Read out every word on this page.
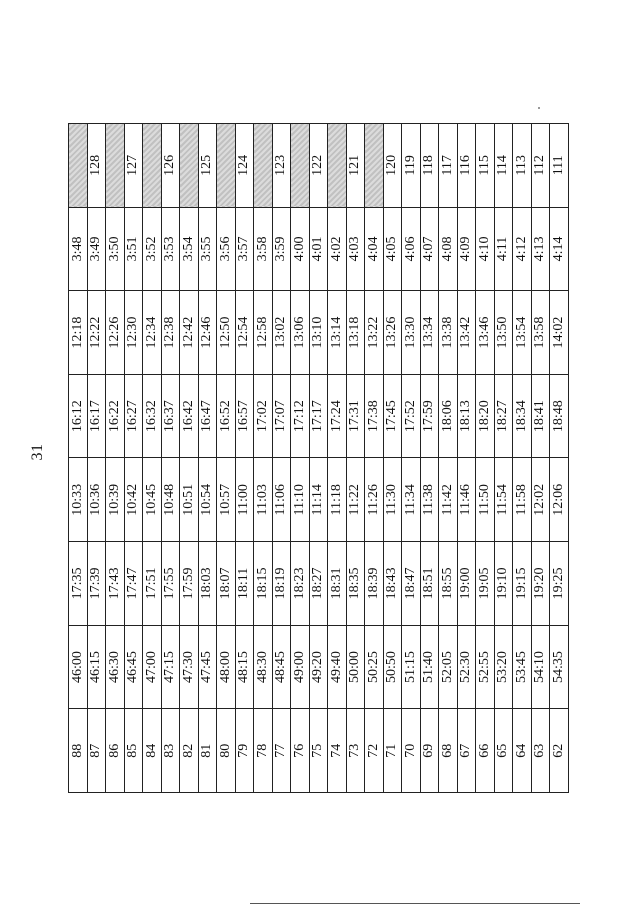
31
88	46:00	17:35	10:33	16:12	12:18	3:48	
87	46:15	17:39	10:36	16:17	12:22	3:49	128
86	46:30	17:43	10:39	16:22	12:26	3:50	
85	46:45	17:47	10:42	16:27	12:30	3:51	127
84	47:00	17:51	10:45	16:32	12:34	3:52	
83	47:15	17:55	10:48	16:37	12:38	3:53	126
82	47:30	17:59	10:51	16:42	12:42	3:54	
81	47:45	18:03	10:54	16:47	12:46	3:55	125
80	48:00	18:07	10:57	16:52	12:50	3:56	
79	48:15	18:11	11:00	16:57	12:54	3:57	124
78	48:30	18:15	11:03	17:02	12:58	3:58	
77	48:45	18:19	11:06	17:07	13:02	3:59	123
76	49:00	18:23	11:10	17:12	13:06	4:00	
75	49:20	18:27	11:14	17:17	13:10	4:01	122
74	49:40	18:31	11:18	17:24	13:14	4:02	
73	50:00	18:35	11:22	17:31	13:18	4:03	121
72	50:25	18:39	11:26	17:38	13:22	4:04	
71	50:50	18:43	11:30	17:45	13:26	4:05	120
70	51:15	18:47	11:34	17:52	13:30	4:06	119
69	51:40	18:51	11:38	17:59	13:34	4:07	118
68	52:05	18:55	11:42	18:06	13:38	4:08	117
67	52:30	19:00	11:46	18:13	13:42	4:09	116
66	52:55	19:05	11:50	18:20	13:46	4:10	115
65	53:20	19:10	11:54	18:27	13:50	4:11	114
64	53:45	19:15	11:58	18:34	13:54	4:12	113
63	54:10	19:20	12:02	18:41	13:58	4:13	112
62	54:35	19:25	12:06	18:48	14:02	4:14	111
